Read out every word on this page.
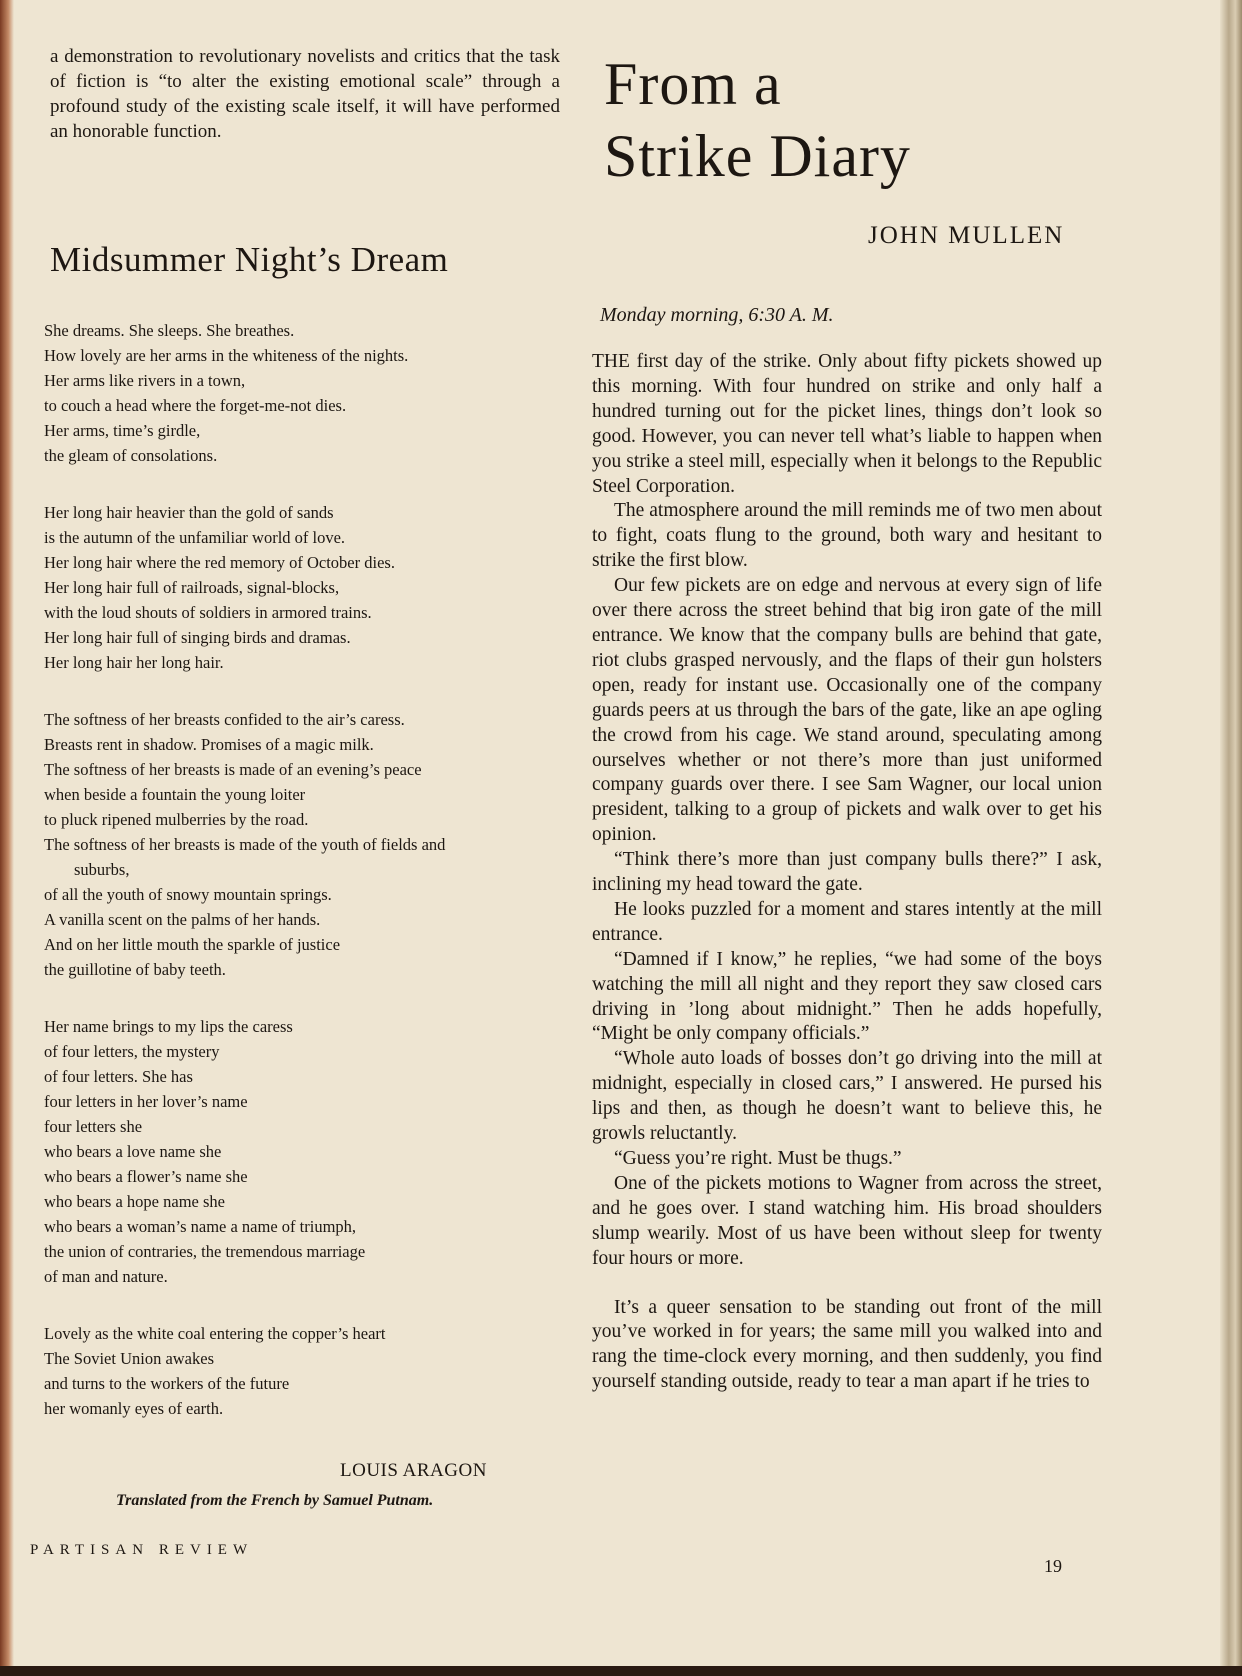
a demonstration to revolutionary novelists and critics that the task of fiction is “to alter the existing emotional scale” through a profound study of the existing scale itself, it will have performed an honorable function.

Midsummer Night’s Dream
She dreams. She sleeps. She breathes.
How lovely are her arms in the whiteness of the nights.
Her arms like rivers in a town,
to couch a head where the forget-me-not dies.
Her arms, time’s girdle,
the gleam of consolations.
Her long hair heavier than the gold of sands
is the autumn of the unfamiliar world of love.
Her long hair where the red memory of October dies.
Her long hair full of railroads, signal-blocks,
with the loud shouts of soldiers in armored trains.
Her long hair full of singing birds and dramas.
Her long hair her long hair.
The softness of her breasts confided to the air’s caress.
Breasts rent in shadow. Promises of a magic milk.
The softness of her breasts is made of an evening’s peace
when beside a fountain the young loiter
to pluck ripened mulberries by the road.
The softness of her breasts is made of the youth of fields and
suburbs,
of all the youth of snowy mountain springs.
A vanilla scent on the palms of her hands.
And on her little mouth the sparkle of justice
the guillotine of baby teeth.
Her name brings to my lips the caress
of four letters, the mystery
of four letters. She has
four letters in her lover’s name
four letters she
who bears a love name she
who bears a flower’s name she
who bears a hope name she
who bears a woman’s name a name of triumph,
the union of contraries, the tremendous marriage
of man and nature.
Lovely as the white coal entering the copper’s heart
The Soviet Union awakes
and turns to the workers of the future
her womanly eyes of earth.
LOUIS ARAGON
Translated from the French by Samuel Putnam.
PARTISAN REVIEW
From a
Strike Diary
JOHN MULLEN
Monday morning, 6:30 A. M.

THE first day of the strike. Only about fifty pickets showed up this morning. With four hundred on strike and only half a hundred turning out for the picket lines, things don’t look so good. However, you can never tell what’s liable to happen when you strike a steel mill, especially when it belongs to the Republic Steel Corporation.

The atmosphere around the mill reminds me of two men about to fight, coats flung to the ground, both wary and hesitant to strike the first blow.

Our few pickets are on edge and nervous at every sign of life over there across the street behind that big iron gate of the mill entrance. We know that the company bulls are behind that gate, riot clubs grasped nervously, and the flaps of their gun holsters open, ready for instant use. Occasionally one of the company guards peers at us through the bars of the gate, like an ape ogling the crowd from his cage. We stand around, speculating among ourselves whether or not there’s more than just uniformed company guards over there. I see Sam Wagner, our local union president, talking to a group of pickets and walk over to get his opinion.

“Think there’s more than just company bulls there?” I ask, inclining my head toward the gate.

He looks puzzled for a moment and stares intently at the mill entrance.

“Damned if I know,” he replies, “we had some of the boys watching the mill all night and they report they saw closed cars driving in ’long about midnight.” Then he adds hopefully, “Might be only company officials.”

“Whole auto loads of bosses don’t go driving into the mill at midnight, especially in closed cars,” I answered. He pursed his lips and then, as though he doesn’t want to believe this, he growls reluctantly.

“Guess you’re right. Must be thugs.”

One of the pickets motions to Wagner from across the street, and he goes over. I stand watching him. His broad shoulders slump wearily. Most of us have been without sleep for twenty four hours or more.

It’s a queer sensation to be standing out front of the mill you’ve worked in for years; the same mill you walked into and rang the time-clock every morning, and then suddenly, you find yourself standing outside, ready to tear a man apart if he tries to

19
